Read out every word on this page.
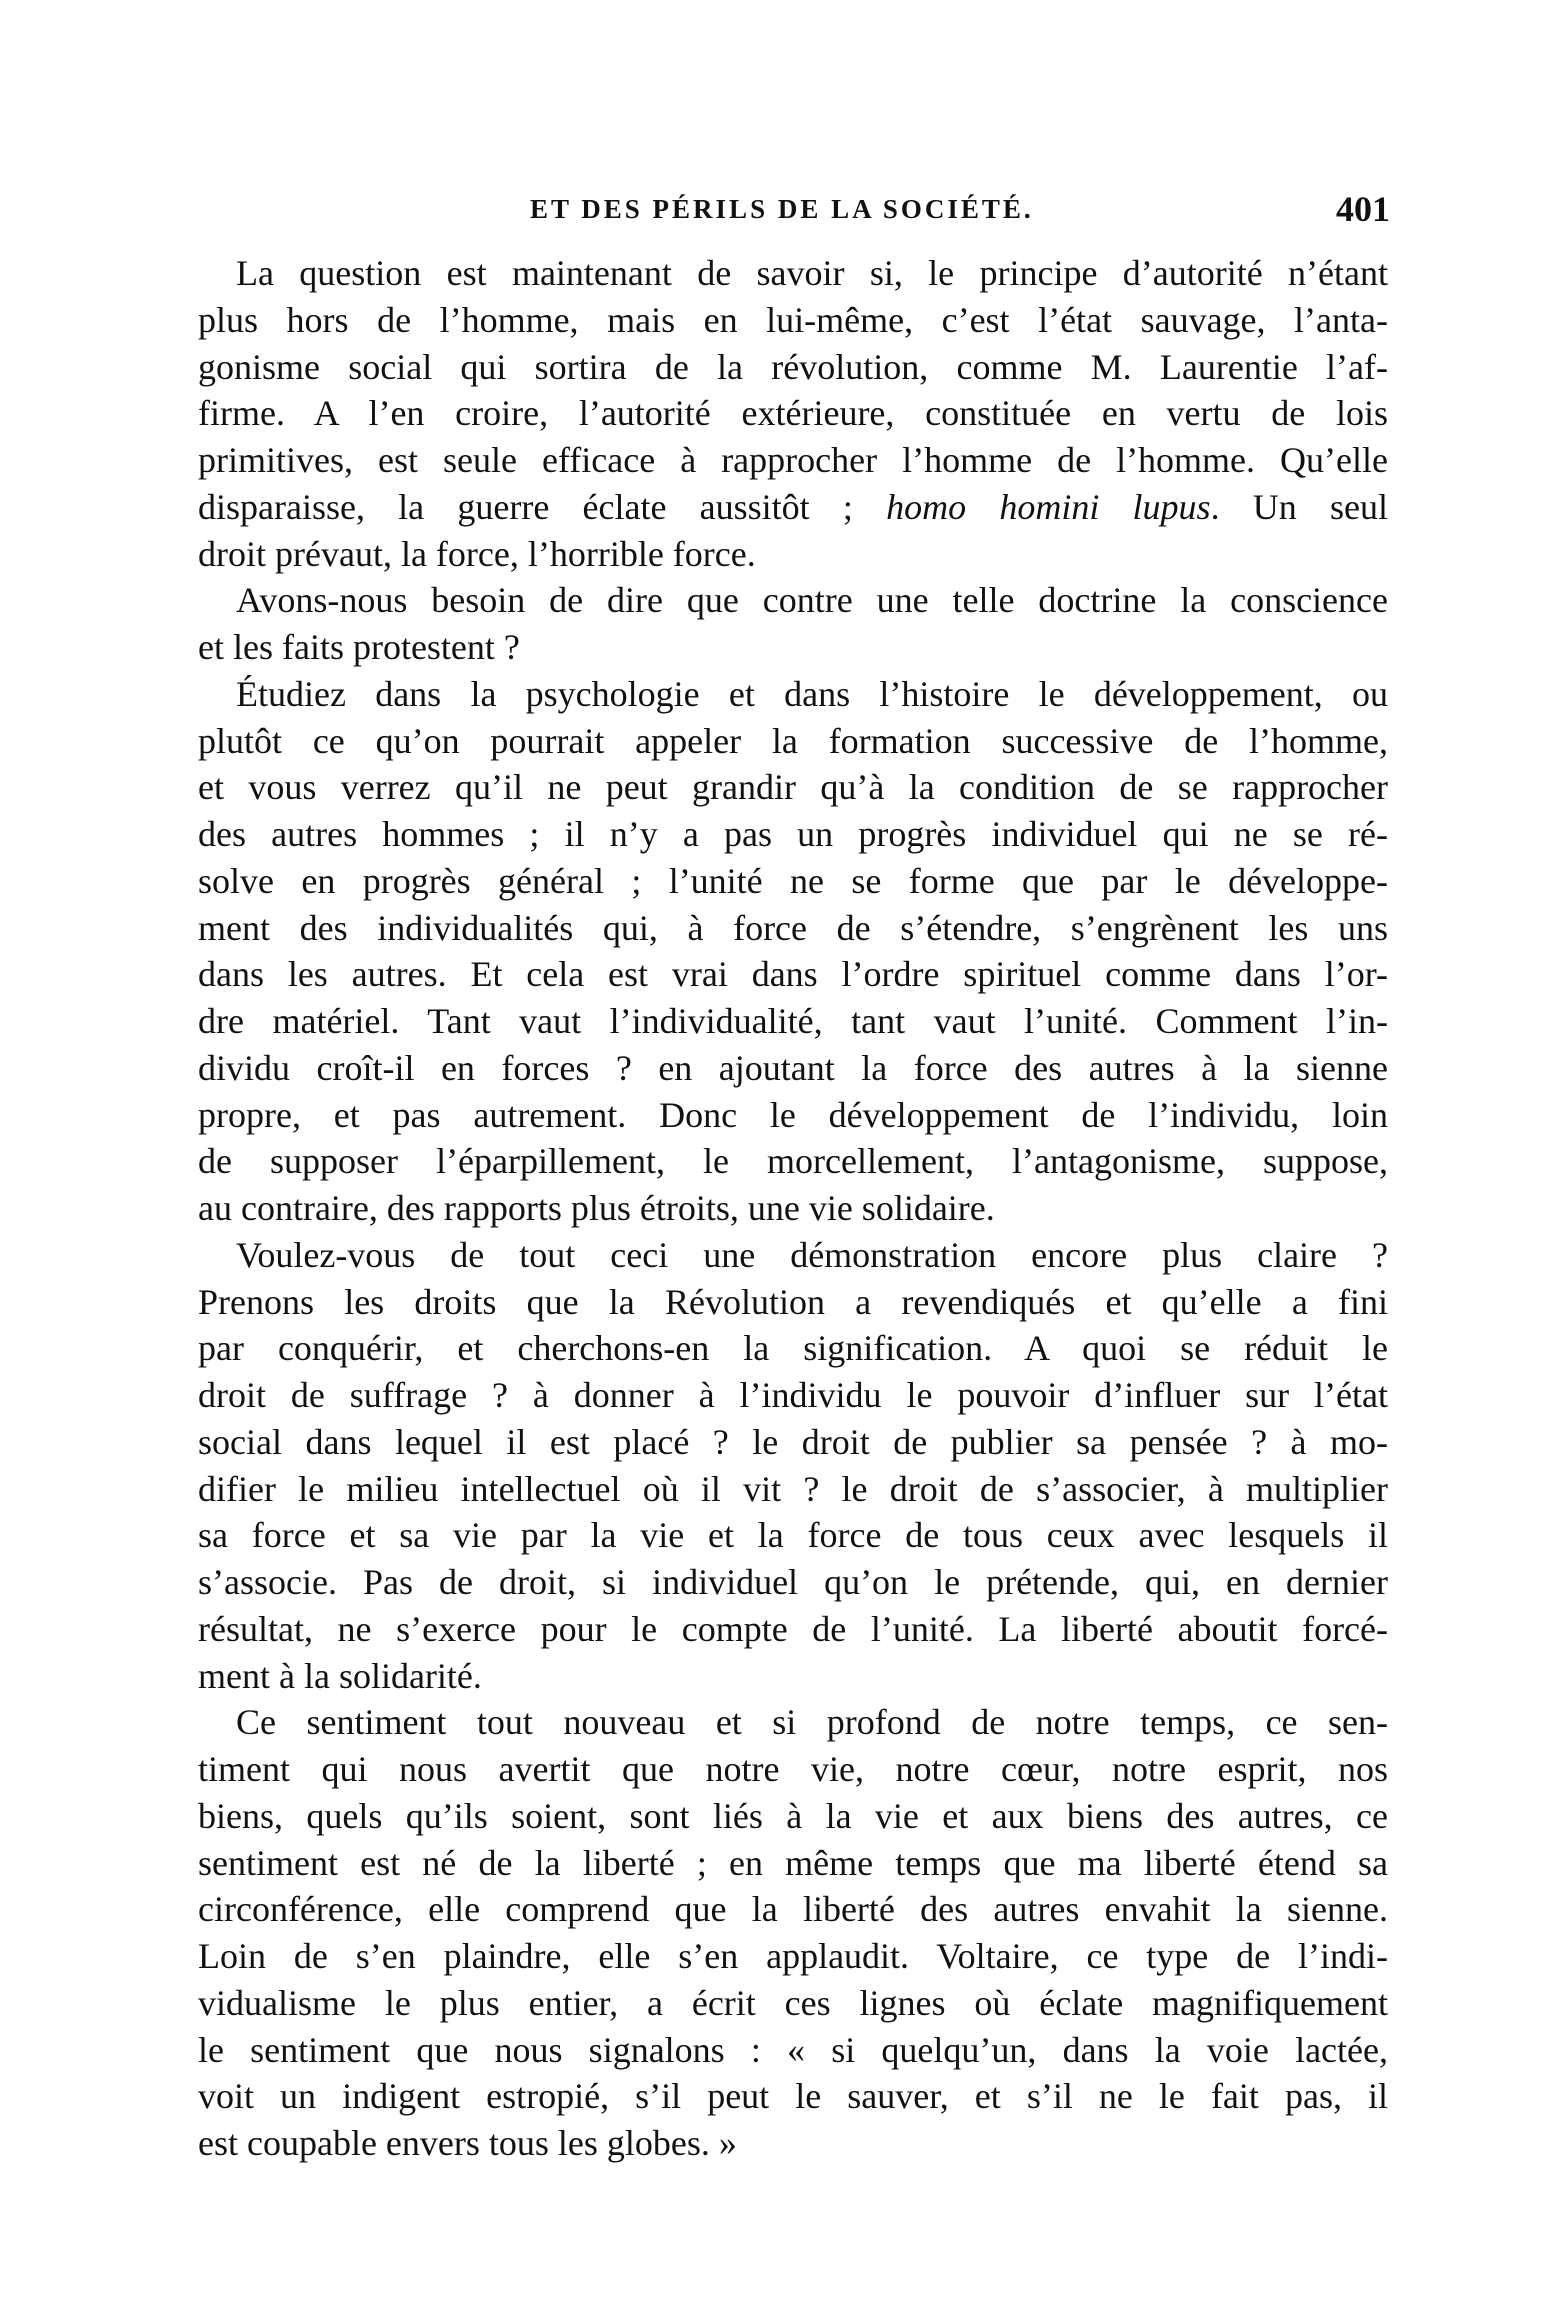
ET DES PÉRILS DE LA SOCIÉTÉ.	401
La question est maintenant de savoir si, le principe d’autorité n’étant
plus hors de l’homme, mais en lui-même, c’est l’état sauvage, l’anta-
gonisme social qui sortira de la révolution, comme M. Laurentie l’af-
firme. A l’en croire, l’autorité extérieure, constituée en vertu de lois
primitives, est seule efficace à rapprocher l’homme de l’homme. Qu’elle
disparaisse, la guerre éclate aussitôt ; homo homini lupus. Un seul
droit prévaut, la force, l’horrible force.
Avons-nous besoin de dire que contre une telle doctrine la conscience
et les faits protestent ?
Étudiez dans la psychologie et dans l’histoire le développement, ou
plutôt ce qu’on pourrait appeler la formation successive de l’homme,
et vous verrez qu’il ne peut grandir qu’à la condition de se rapprocher
des autres hommes ; il n’y a pas un progrès individuel qui ne se ré-
solve en progrès général ; l’unité ne se forme que par le développe-
ment des individualités qui, à force de s’étendre, s’engrènent les uns
dans les autres. Et cela est vrai dans l’ordre spirituel comme dans l’or-
dre matériel. Tant vaut l’individualité, tant vaut l’unité. Comment l’in-
dividu croît-il en forces ? en ajoutant la force des autres à la sienne
propre, et pas autrement. Donc le développement de l’individu, loin
de supposer l’éparpillement, le morcellement, l’antagonisme, suppose,
au contraire, des rapports plus étroits, une vie solidaire.
Voulez-vous de tout ceci une démonstration encore plus claire ?
Prenons les droits que la Révolution a revendiqués et qu’elle a fini
par conquérir, et cherchons-en la signification. A quoi se réduit le
droit de suffrage ? à donner à l’individu le pouvoir d’influer sur l’état
social dans lequel il est placé ? le droit de publier sa pensée ? à mo-
difier le milieu intellectuel où il vit ? le droit de s’associer, à multiplier
sa force et sa vie par la vie et la force de tous ceux avec lesquels il
s’associe. Pas de droit, si individuel qu’on le prétende, qui, en dernier
résultat, ne s’exerce pour le compte de l’unité. La liberté aboutit forcé-
ment à la solidarité.
Ce sentiment tout nouveau et si profond de notre temps, ce sen-
timent qui nous avertit que notre vie, notre cœur, notre esprit, nos
biens, quels qu’ils soient, sont liés à la vie et aux biens des autres, ce
sentiment est né de la liberté ; en même temps que ma liberté étend sa
circonférence, elle comprend que la liberté des autres envahit la sienne.
Loin de s’en plaindre, elle s’en applaudit. Voltaire, ce type de l’indi-
vidualisme le plus entier, a écrit ces lignes où éclate magnifiquement
le sentiment que nous signalons : « si quelqu’un, dans la voie lactée,
voit un indigent estropié, s’il peut le sauver, et s’il ne le fait pas, il
est coupable envers tous les globes. »
